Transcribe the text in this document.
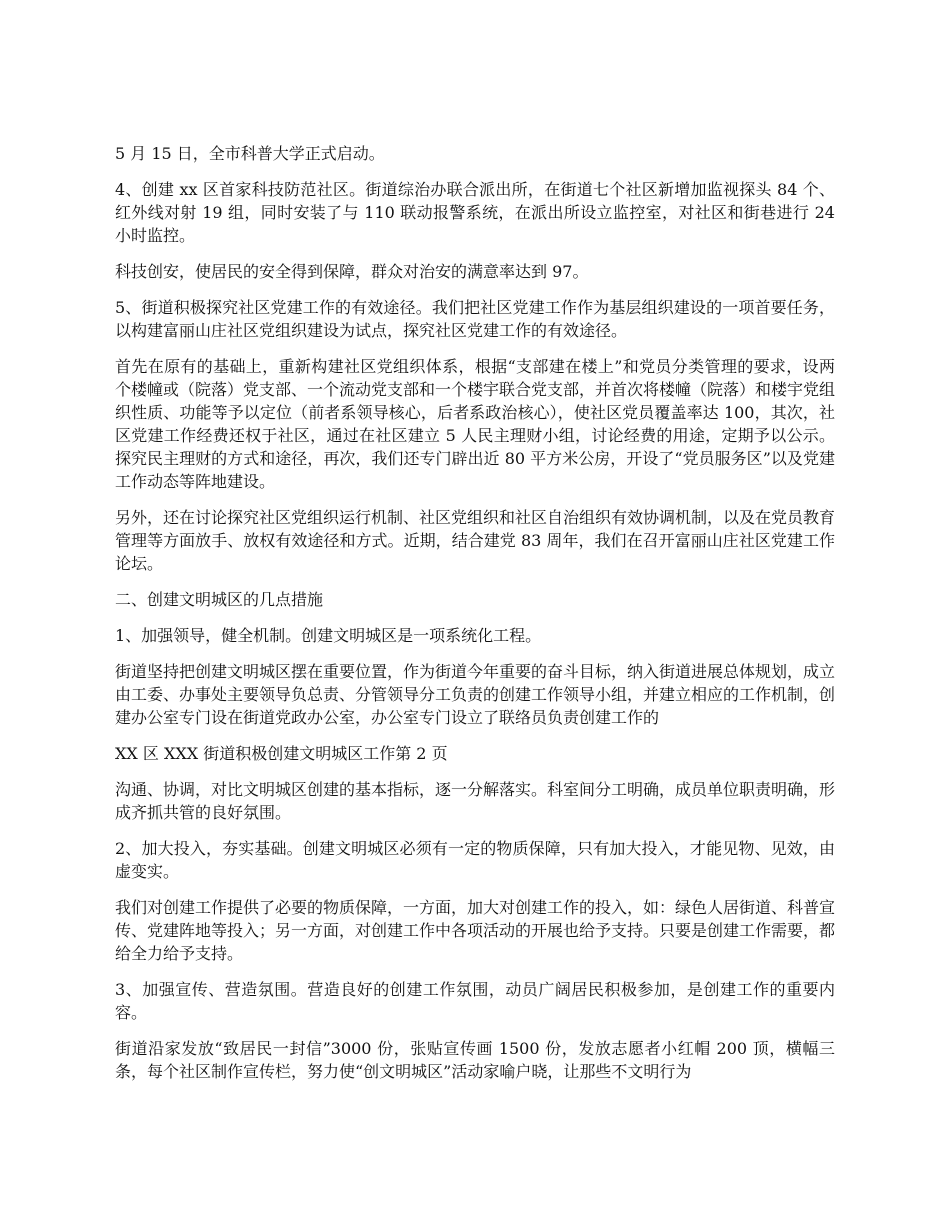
5 月 15 日，全市科普大学正式启动。

4、创建 xx 区首家科技防范社区。街道综治办联合派出所，在街道七个社区新增加监视探头 84 个、红外线对射 19 组，同时安装了与 110 联动报警系统，在派出所设立监控室，对社区和街巷进行 24 小时监控。

科技创安，使居民的安全得到保障，群众对治安的满意率达到 97。

5、街道积极探究社区党建工作的有效途径。我们把社区党建工作作为基层组织建设的一项首要任务，以构建富丽山庄社区党组织建设为试点，探究社区党建工作的有效途径。

首先在原有的基础上，重新构建社区党组织体系，根据“支部建在楼上”和党员分类管理的要求，设两个楼幢或（院落）党支部、一个流动党支部和一个楼宇联合党支部，并首次将楼幢（院落）和楼宇党组织性质、功能等予以定位（前者系领导核心，后者系政治核心），使社区党员覆盖率达 100，其次，社区党建工作经费还权于社区，通过在社区建立 5 人民主理财小组，讨论经费的用途，定期予以公示。探究民主理财的方式和途径，再次，我们还专门辟出近 80 平方米公房，开设了“党员服务区”以及党建工作动态等阵地建设。

另外，还在讨论探究社区党组织运行机制、社区党组织和社区自治组织有效协调机制，以及在党员教育管理等方面放手、放权有效途径和方式。近期，结合建党 83 周年，我们在召开富丽山庄社区党建工作论坛。

二、创建文明城区的几点措施

1、加强领导，健全机制。创建文明城区是一项系统化工程。

街道坚持把创建文明城区摆在重要位置，作为街道今年重要的奋斗目标，纳入街道进展总体规划，成立由工委、办事处主要领导负总责、分管领导分工负责的创建工作领导小组，并建立相应的工作机制，创建办公室专门设在街道党政办公室，办公室专门设立了联络员负责创建工作的

XX 区 XXX 街道积极创建文明城区工作第 2 页

沟通、协调，对比文明城区创建的基本指标，逐一分解落实。科室间分工明确，成员单位职责明确，形成齐抓共管的良好氛围。

2、加大投入，夯实基础。创建文明城区必须有一定的物质保障，只有加大投入，才能见物、见效，由虚变实。

我们对创建工作提供了必要的物质保障，一方面，加大对创建工作的投入，如：绿色人居街道、科普宣传、党建阵地等投入；另一方面，对创建工作中各项活动的开展也给予支持。只要是创建工作需要，都给全力给予支持。

3、加强宣传、营造氛围。营造良好的创建工作氛围，动员广阔居民积极参加，是创建工作的重要内容。

街道沿家发放“致居民一封信”3000 份，张贴宣传画 1500 份，发放志愿者小红帽 200 顶，横幅三条，每个社区制作宣传栏，努力使“创文明城区”活动家喻户晓，让那些不文明行为
